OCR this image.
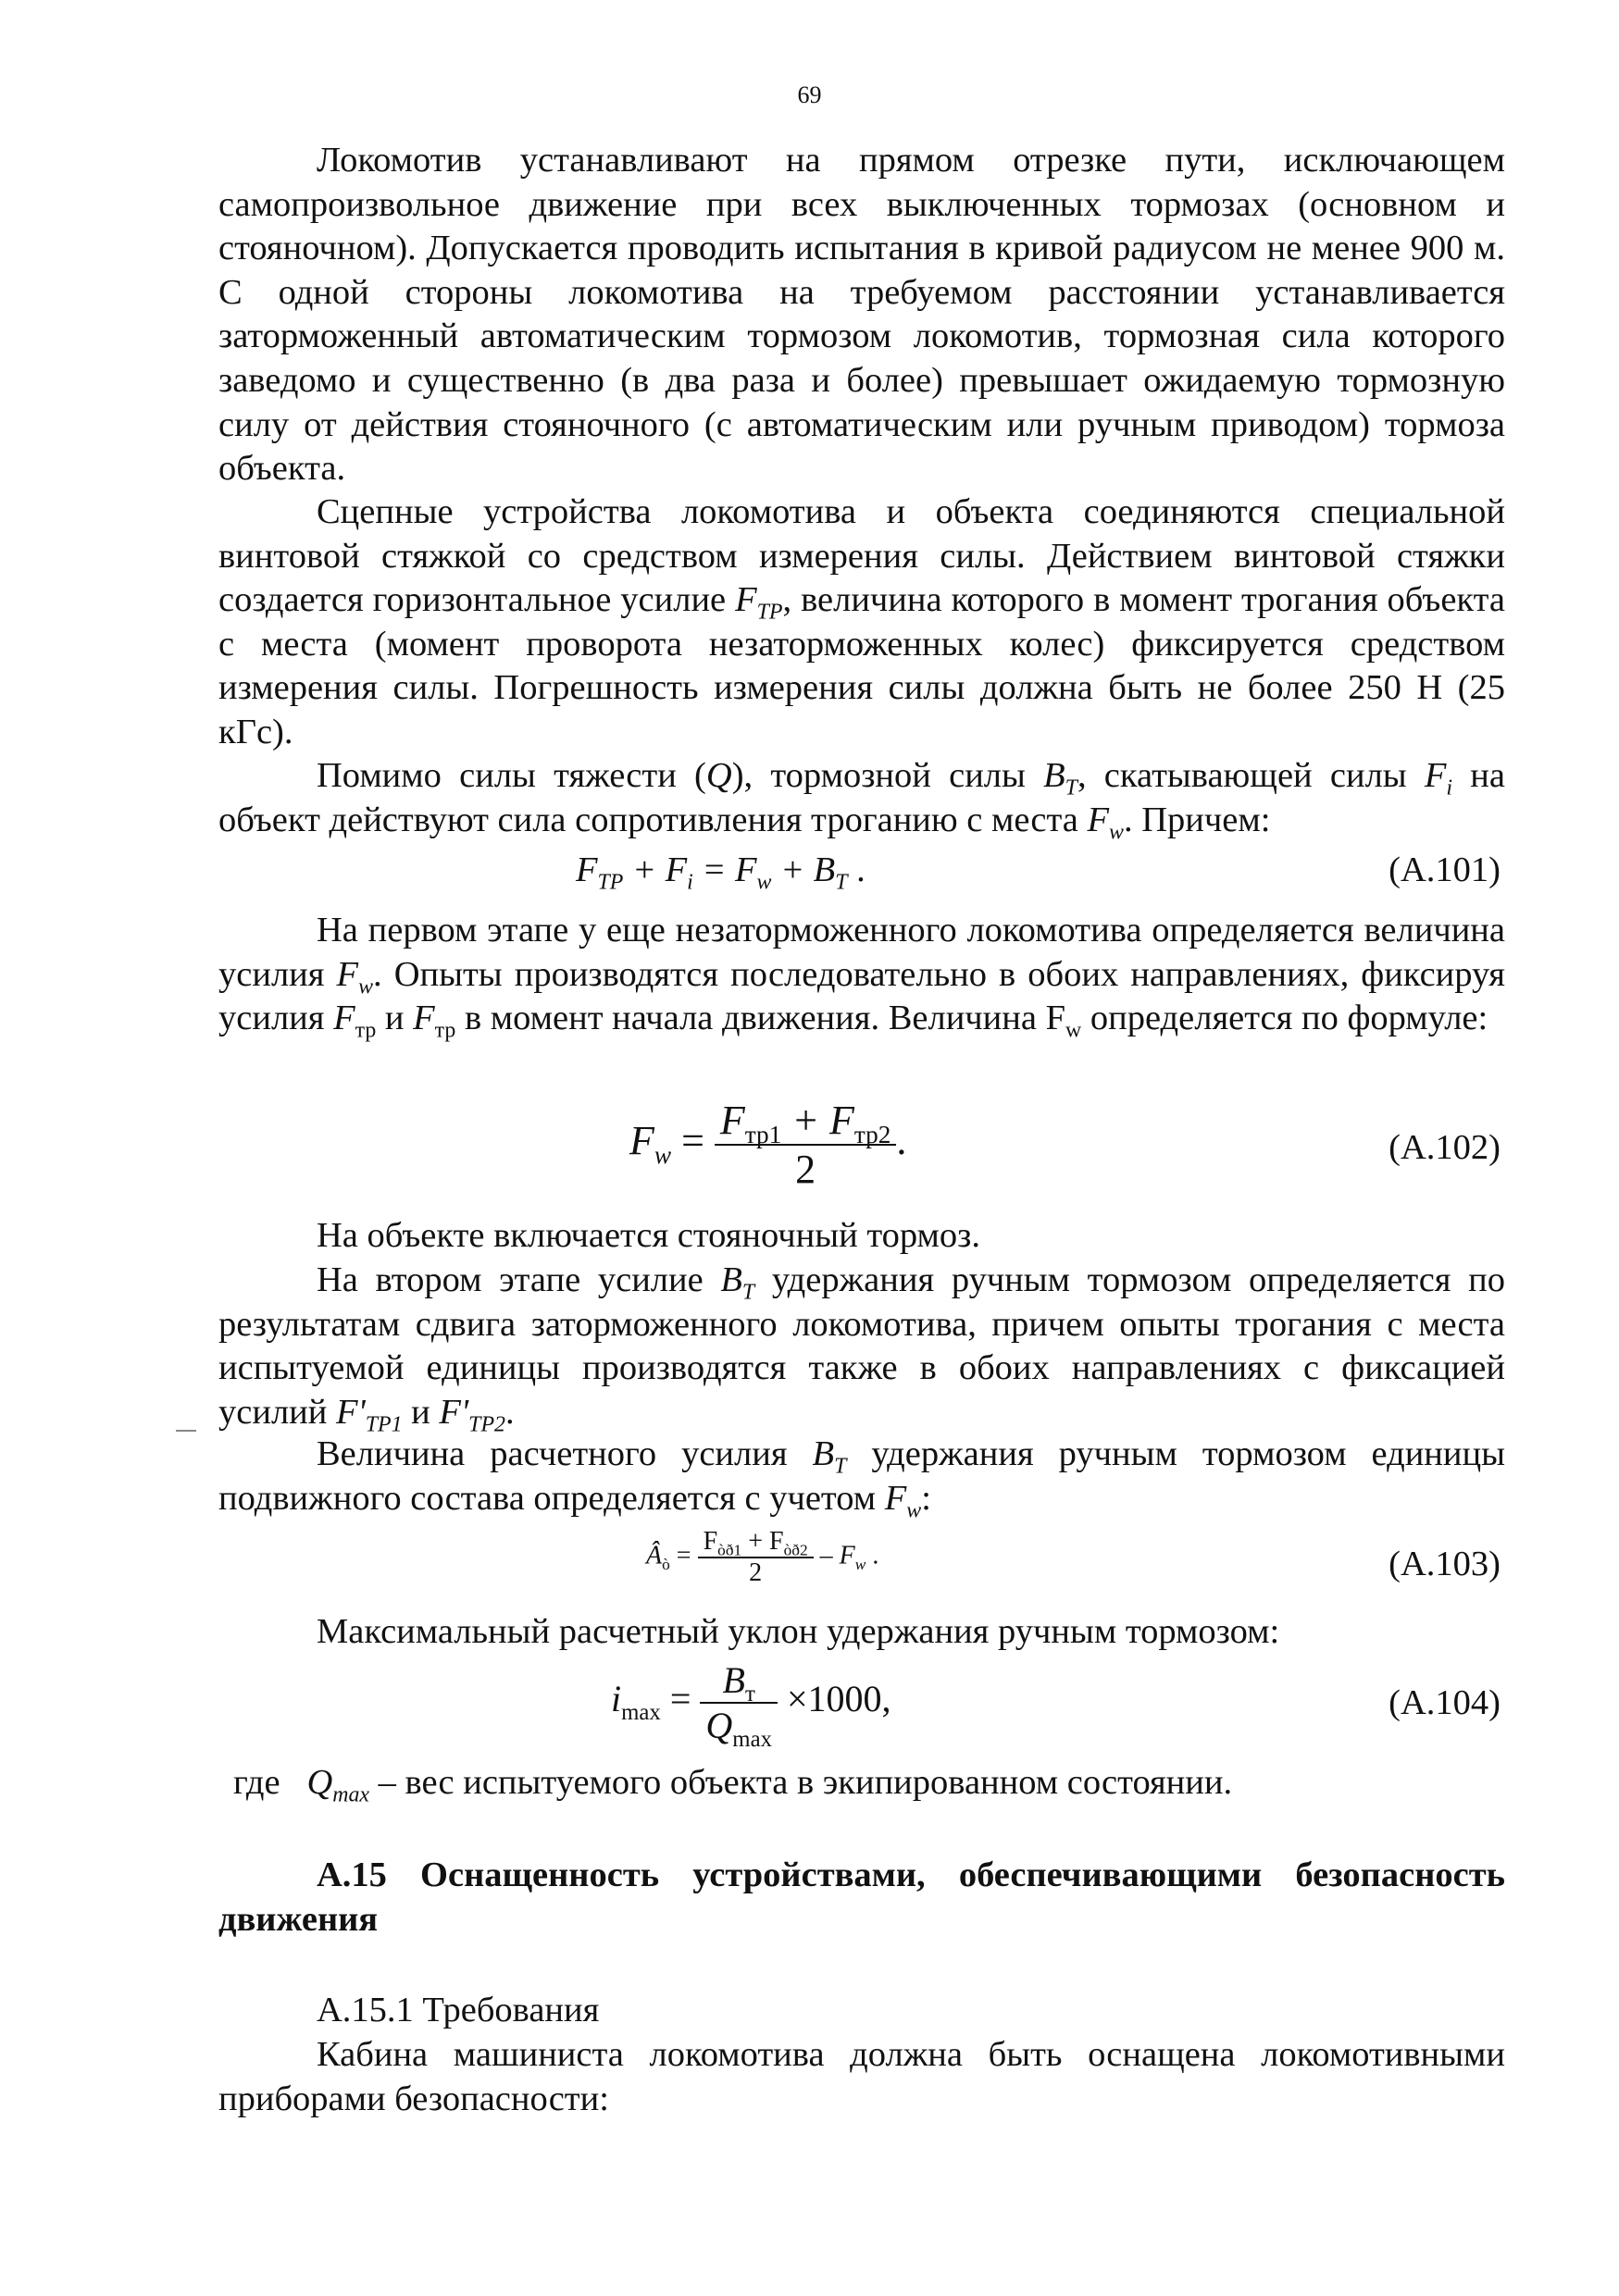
69

Локомотив устанавливают на прямом отрезке пути, исключающем самопроизвольное движение при всех выключенных тормозах (основном и стояночном). Допускается проводить испытания в кривой радиусом не менее 900 м. С одной стороны локомотива на требуемом расстоянии устанавливается заторможенный автоматическим тормозом локомотив, тормозная сила которого заведомо и существенно (в два раза и более) превышает ожидаемую тормозную силу от действия стояночного (с автоматическим или ручным приводом) тормоза объекта.

Сцепные устройства локомотива и объекта соединяются специальной винтовой стяжкой со средством измерения силы. Действием винтовой стяжки создается горизонтальное усилие $F_{TP}$, величина которого в момент трогания объекта с места (момент проворота незаторможенных колес) фиксируется средством измерения силы. Погрешность измерения силы должна быть не более 250 Н (25 кГс).

Помимо силы тяжести (Q), тормозной силы $B_T$, скатывающей силы $F_i$ на объект действуют сила сопротивления троганию с места $F_w$. Причем:

$F_{TP} + F_i = F_w + B_T$ .	(A.101)

На первом этапе у еще незаторможенного локомотива определяется величина усилия $F_w$. Опыты производятся последовательно в обоих направлениях, фиксируя усилия $F_{тр}$ и $F_{тр}$ в момент начала движения. Величина $F_w$ определяется по формуле:

$F_w = \frac{F_{тр1} + F_{тр2}}{2}$ .	(A.102)

На объекте включается стояночный тормоз.

На втором этапе усилие $B_T$ удержания ручным тормозом определяется по результатам сдвига заторможенного локомотива, причем опыты трогания с места испытуемой единицы производятся также в обоих направлениях с фиксацией усилий $F'_{TP1}$ и $F'_{TP2}$.

Величина расчетного усилия $B_T$ удержания ручным тормозом единицы подвижного состава определяется с учетом $F_w$:

$Â_ò = \frac{F_{òð1} + F_{òð2}}{2} - F_w$ .	(A.103)

Максимальный расчетный уклон удержания ручным тормозом:

$i_{max} = \frac{B_т}{Q_{max}} \times 1000$,	(A.104)
где $Q_{max}$ – вес испытуемого объекта в экипированном состоянии.
A.15 Оснащенность устройствами, обеспечивающими безопасность движения
A.15.1 Требования

Кабина машиниста локомотива должна быть оснащена локомотивными приборами безопасности:
